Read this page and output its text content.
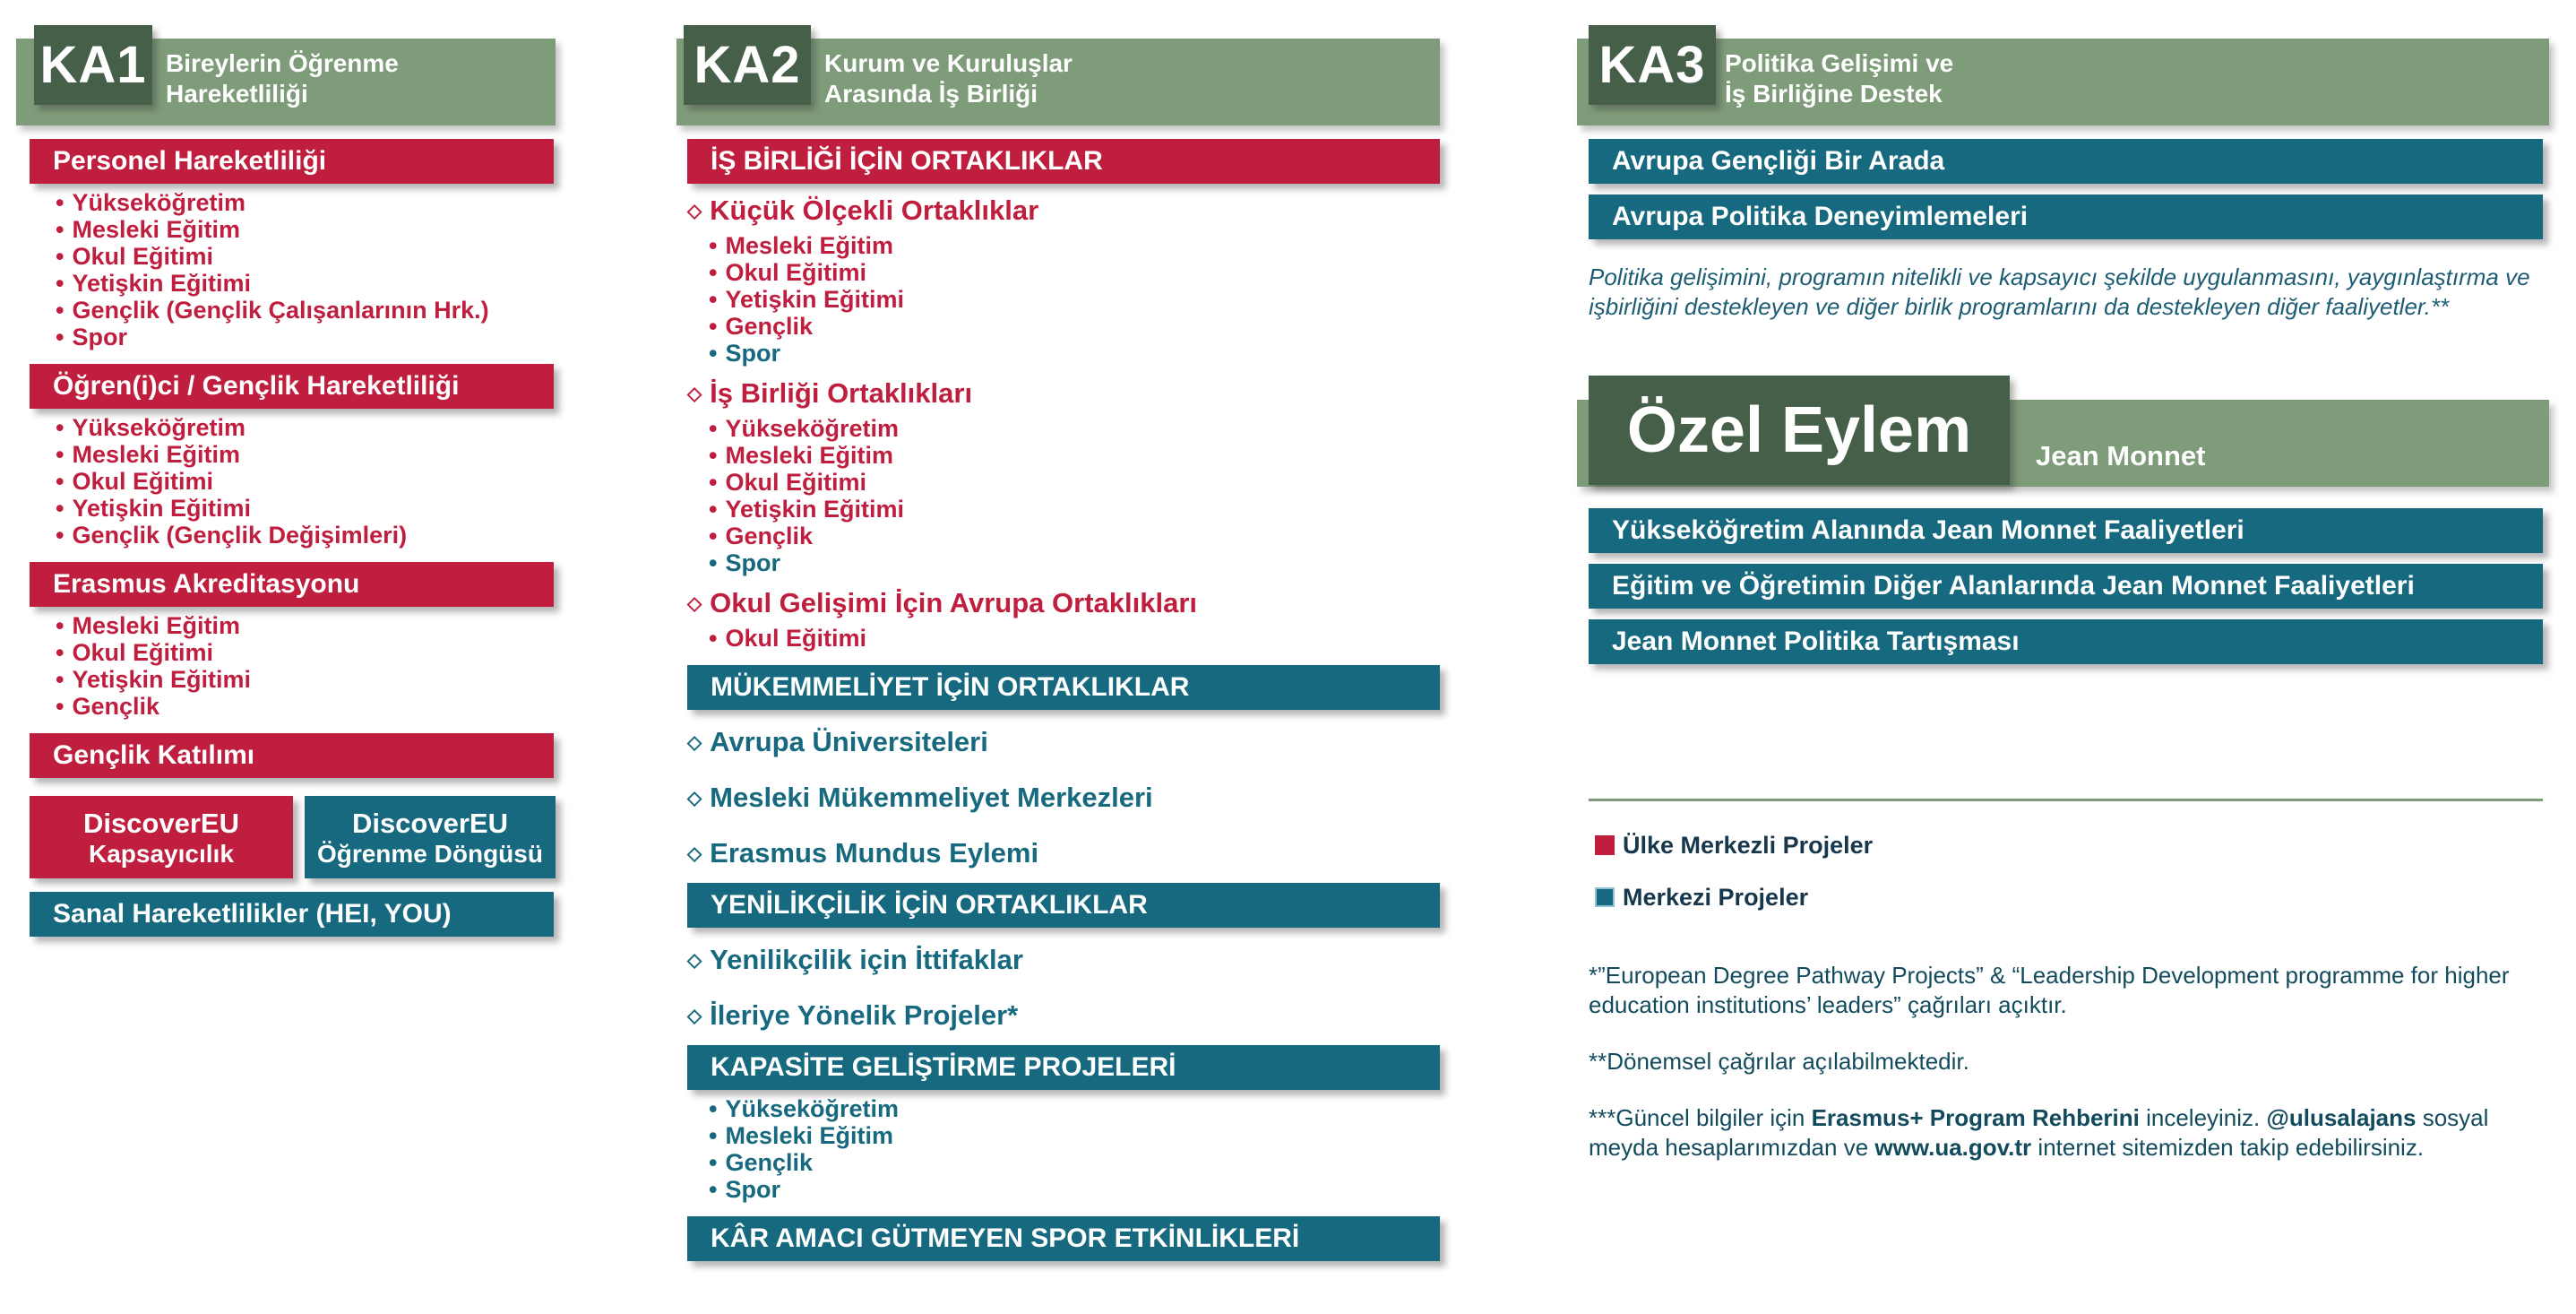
KA1 Bireylerin Öğrenme
Hareketliliği
Personel Hareketliliği
• Yükseköğretim
• Mesleki Eğitim
• Okul Eğitimi
• Yetişkin Eğitimi
• Gençlik (Gençlik Çalışanlarının Hrk.)
• Spor
Öğren(i)ci / Gençlik Hareketliliği
• Yükseköğretim
• Mesleki Eğitim
• Okul Eğitimi
• Yetişkin Eğitimi
• Gençlik (Gençlik Değişimleri)
Erasmus Akreditasyonu
• Mesleki Eğitim
• Okul Eğitimi
• Yetişkin Eğitimi
• Gençlik
Gençlik Katılımı
DiscoverEU
Kapsayıcılık
DiscoverEU
Öğrenme Döngüsü
Sanal Hareketlilikler (HEI, YOU)
KA2 Kurum ve Kuruluşlar
Arasında İş Birliği
İŞ BİRLİĞİ İÇİN ORTAKLIKLAR
◇ Küçük Ölçekli Ortaklıklar
• Mesleki Eğitim
• Okul Eğitimi
• Yetişkin Eğitimi
• Gençlik
• Spor
◇ İş Birliği Ortaklıkları
• Yükseköğretim
• Mesleki Eğitim
• Okul Eğitimi
• Yetişkin Eğitimi
• Gençlik
• Spor
◇ Okul Gelişimi İçin Avrupa Ortaklıkları
• Okul Eğitimi
MÜKEMMELİYET İÇİN ORTAKLIKLAR
◇ Avrupa Üniversiteleri
◇ Mesleki Mükemmeliyet Merkezleri
◇ Erasmus Mundus Eylemi
YENİLİKÇİLİK İÇİN ORTAKLIKLAR
◇ Yenilikçilik için İttifaklar
◇ İleriye Yönelik Projeler*
KAPASİTE GELİŞTİRME PROJELERİ
• Yükseköğretim
• Mesleki Eğitim
• Gençlik
• Spor
KÂR AMACI GÜTMEYEN SPOR ETKİNLİKLERİ
KA3 Politika Gelişimi ve
İş Birliğine Destek
Avrupa Gençliği Bir Arada
Avrupa Politika Deneyimlemeleri
Politika gelişimini, programın nitelikli ve kapsayıcı şekilde uygulanmasını, yaygınlaştırma ve işbirliğini destekleyen ve diğer birlik programlarını da destekleyen diğer faaliyetler.**
Özel Eylem Jean Monnet
Yükseköğretim Alanında Jean Monnet Faaliyetleri
Eğitim ve Öğretimin Diğer Alanlarında Jean Monnet Faaliyetleri
Jean Monnet Politika Tartışması
Ülke Merkezli Projeler
Merkezi Projeler

*”European Degree Pathway Projects” & “Leadership Development programme for higher education institutions’ leaders” çağrıları açıktır.

**Dönemsel çağrılar açılabilmektedir.

***Güncel bilgiler için Erasmus+ Program Rehberini inceleyiniz. @ulusalajans sosyal meyda hesaplarımızdan ve www.ua.gov.tr internet sitemizden takip edebilirsiniz.
